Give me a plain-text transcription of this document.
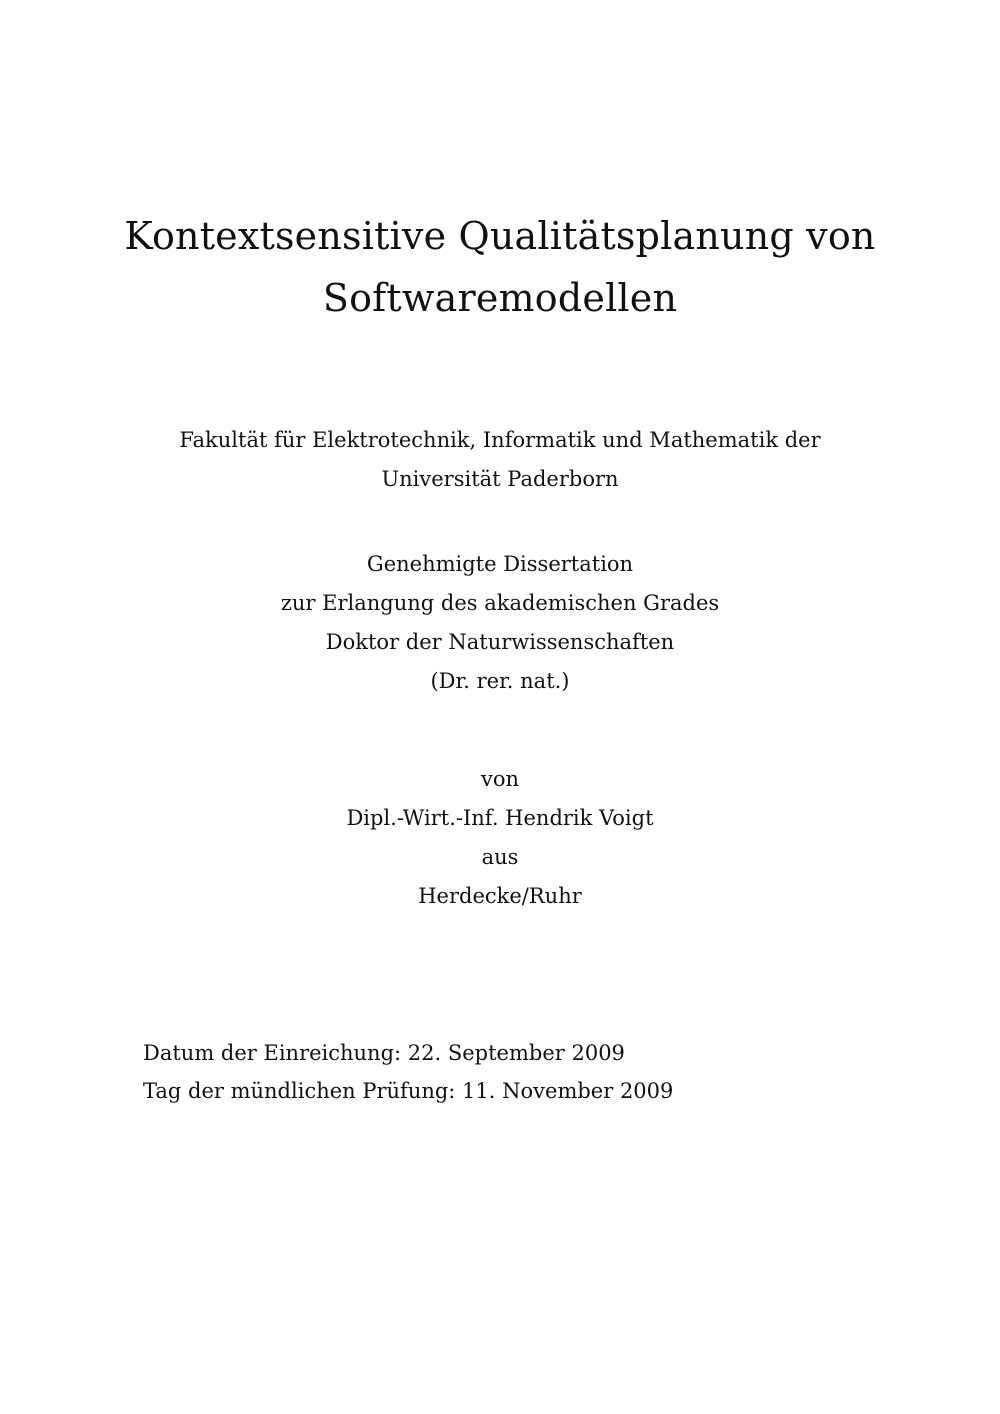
Kontextsensitive Qualitätsplanung von
Softwaremodellen
Fakultät für Elektrotechnik, Informatik und Mathematik der
Universität Paderborn
Genehmigte Dissertation
zur Erlangung des akademischen Grades
Doktor der Naturwissenschaften
(Dr. rer. nat.)
von
Dipl.-Wirt.-Inf. Hendrik Voigt
aus
Herdecke/Ruhr
Datum der Einreichung: 22. September 2009
Tag der mündlichen Prüfung: 11. November 2009
